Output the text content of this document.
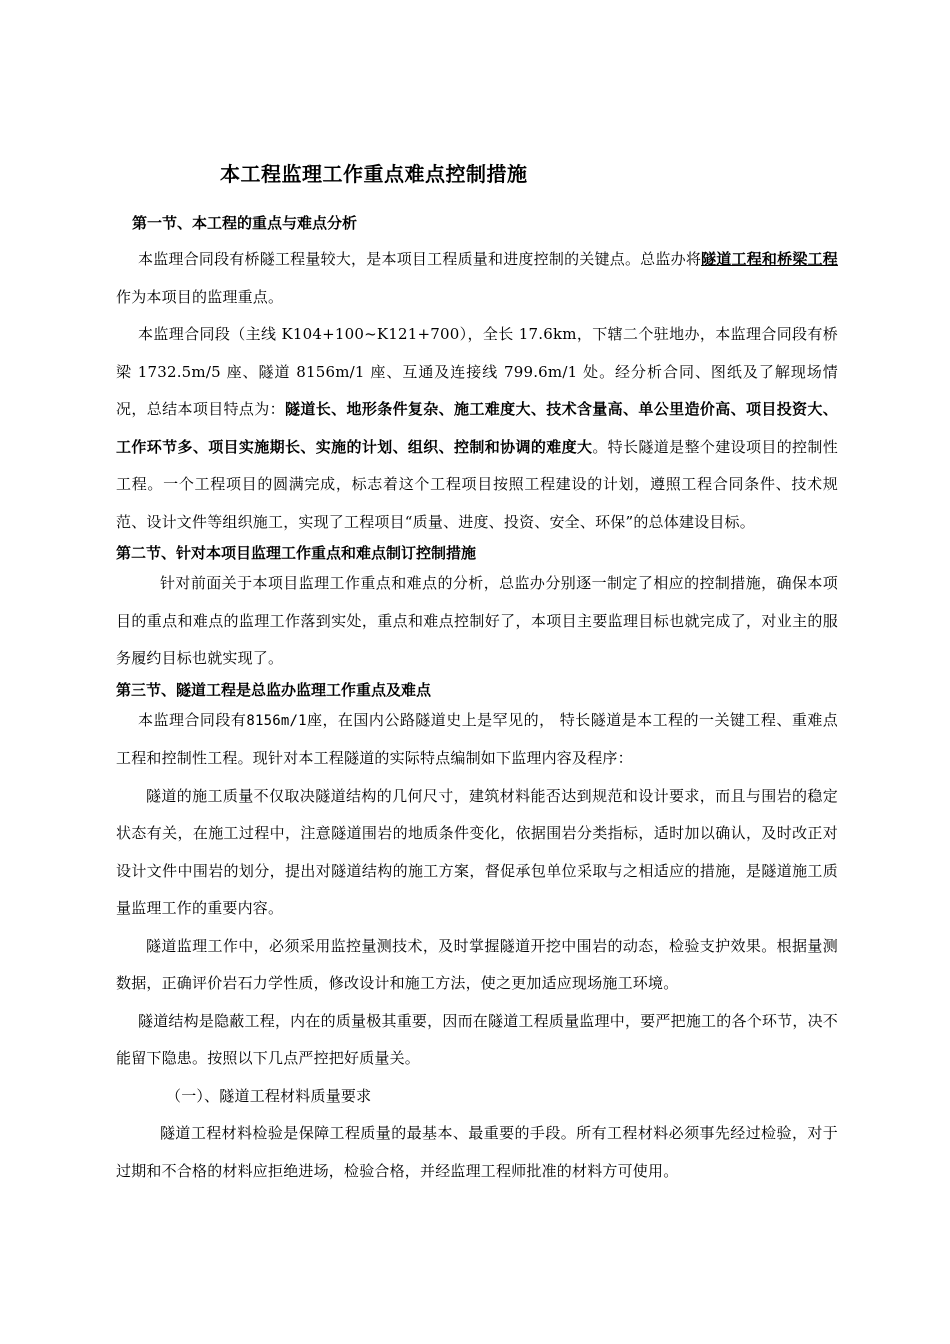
本工程监理工作重点难点控制措施

第一节、本工程的重点与难点分析

本监理合同段有桥隧工程量较大，是本项目工程质量和进度控制的关键点。总监办将隧道工程和桥梁工程作为本项目的监理重点。

本监理合同段（主线 K104+100~K121+700），全长 17.6km，下辖二个驻地办，本监理合同段有桥梁 1732.5m/5 座、隧道 8156m/1 座、互通及连接线 799.6m/1 处。经分析合同、图纸及了解现场情况，总结本项目特点为：隧道长、地形条件复杂、施工难度大、技术含量高、单公里造价高、项目投资大、工作环节多、项目实施期长、实施的计划、组织、控制和协调的难度大。特长隧道是整个建设项目的控制性工程。一个工程项目的圆满完成，标志着这个工程项目按照工程建设的计划，遵照工程合同条件、技术规范、设计文件等组织施工，实现了工程项目“质量、进度、投资、安全、环保”的总体建设目标。

第二节、针对本项目监理工作重点和难点制订控制措施

针对前面关于本项目监理工作重点和难点的分析，总监办分别逐一制定了相应的控制措施，确保本项目的重点和难点的监理工作落到实处，重点和难点控制好了，本项目主要监理目标也就完成了，对业主的服务履约目标也就实现了。

第三节、隧道工程是总监办监理工作重点及难点

本监理合同段有8156m/1座，在国内公路隧道史上是罕见的， 特长隧道是本工程的一关键工程、重难点工程和控制性工程。现针对本工程隧道的实际特点编制如下监理内容及程序：

隧道的施工质量不仅取决隧道结构的几何尺寸，建筑材料能否达到规范和设计要求，而且与围岩的稳定状态有关，在施工过程中，注意隧道围岩的地质条件变化，依据围岩分类指标，适时加以确认，及时改正对设计文件中围岩的划分，提出对隧道结构的施工方案，督促承包单位采取与之相适应的措施，是隧道施工质量监理工作的重要内容。

隧道监理工作中，必须采用监控量测技术，及时掌握隧道开挖中围岩的动态，检验支护效果。根据量测数据，正确评价岩石力学性质，修改设计和施工方法，使之更加适应现场施工环境。

隧道结构是隐蔽工程，内在的质量极其重要，因而在隧道工程质量监理中，要严把施工的各个环节，决不能留下隐患。按照以下几点严控把好质量关。

（一）、隧道工程材料质量要求

隧道工程材料检验是保障工程质量的最基本、最重要的手段。所有工程材料必须事先经过检验，对于过期和不合格的材料应拒绝进场，检验合格，并经监理工程师批准的材料方可使用。
